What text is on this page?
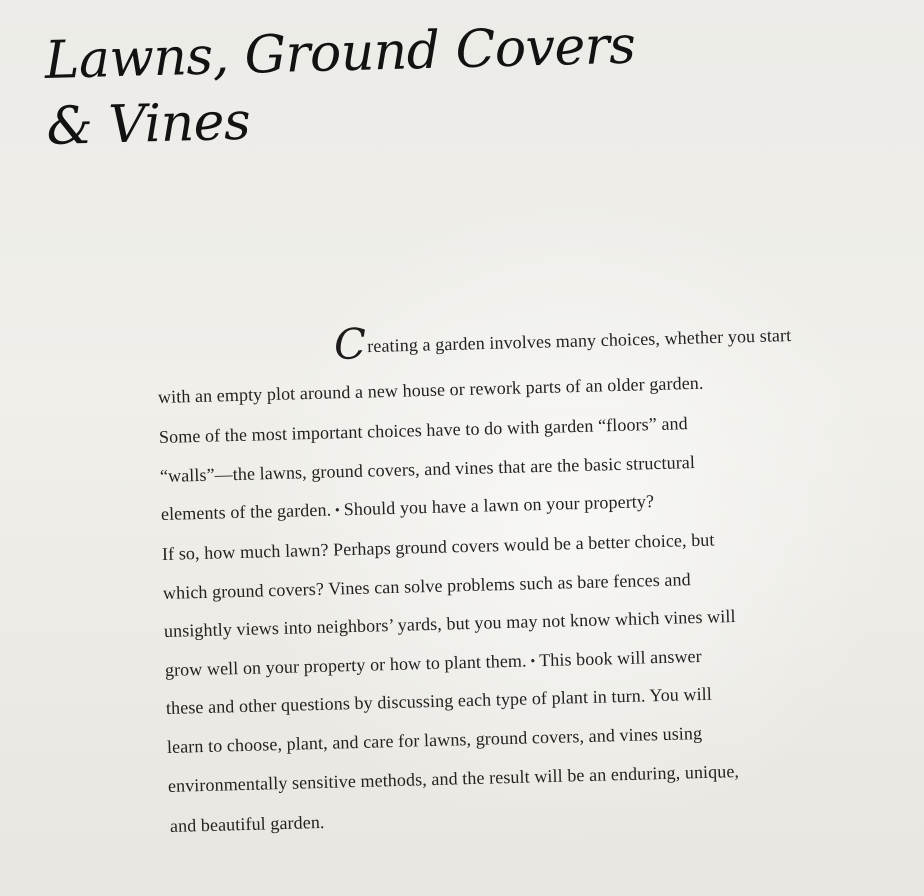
Lawns, Ground Covers
& Vines
Creating a garden involves many choices, whether you start
with an empty plot around a new house or rework parts of an older garden.
Some of the most important choices have to do with garden “floors” and
“walls”—the lawns, ground covers, and vines that are the basic structural
elements of the garden. • Should you have a lawn on your property?
If so, how much lawn? Perhaps ground covers would be a better choice, but
which ground covers? Vines can solve problems such as bare fences and
unsightly views into neighbors’ yards, but you may not know which vines will
grow well on your property or how to plant them. • This book will answer
these and other questions by discussing each type of plant in turn. You will
learn to choose, plant, and care for lawns, ground covers, and vines using
environmentally sensitive methods, and the result will be an enduring, unique,
and beautiful garden.
